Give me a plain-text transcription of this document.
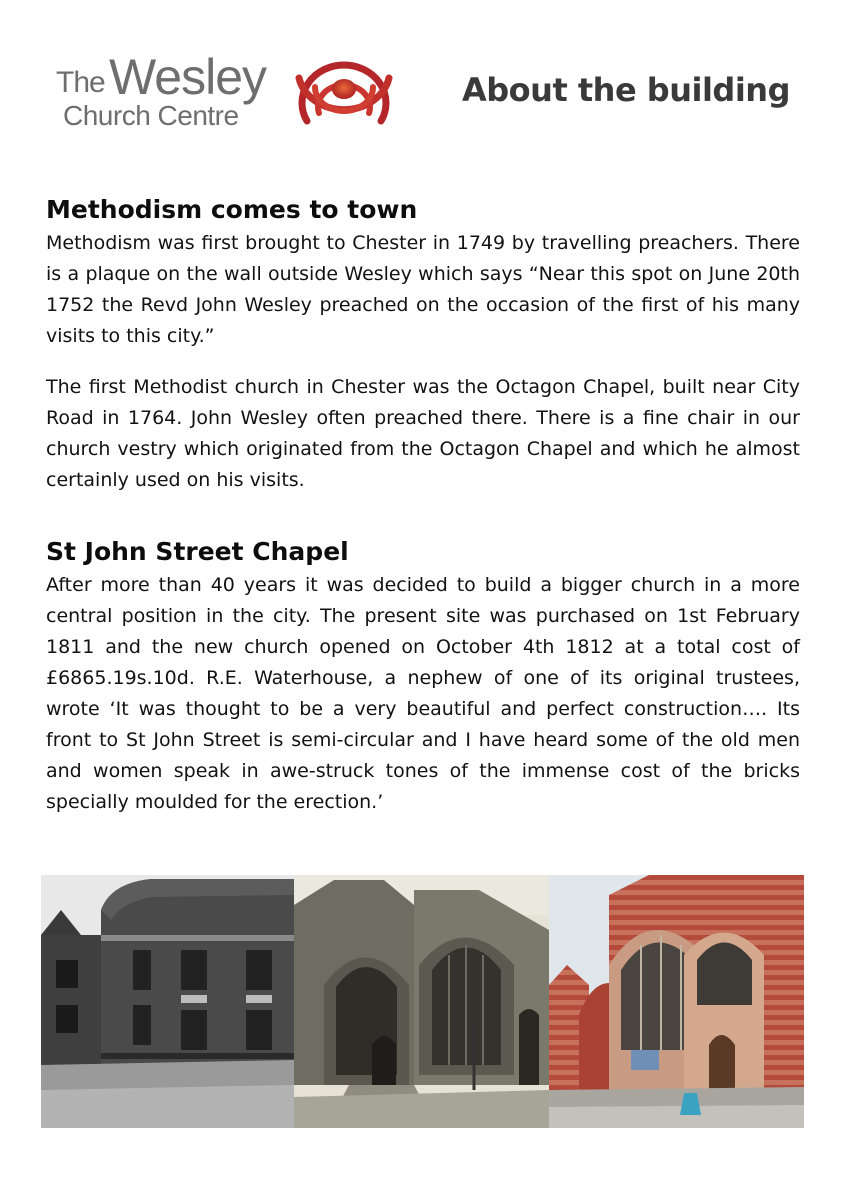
The Wesley
Church Centre
About the building
Methodism comes to town

Methodism was first brought to Chester in 1749 by travelling preachers. There is a plaque on the wall outside Wesley which says “Near this spot on June 20th 1752 the Revd John Wesley preached on the occasion of the first of his many visits to this city.”

The first Methodist church in Chester was the Octagon Chapel, built near City Road in 1764. John Wesley often preached there. There is a fine chair in our church vestry which originated from the Octagon Chapel and which he almost certainly used on his visits.

St John Street Chapel

After more than 40 years it was decided to build a bigger church in a more central position in the city. The present site was purchased on 1st February 1811 and the new church opened on October 4th 1812 at a total cost of £6865.19s.10d. R.E. Waterhouse, a nephew of one of its original trustees, wrote ‘It was thought to be a very beautiful and perfect construction…. Its front to St John Street is semi-circular and I have heard some of the old men and women speak in awe-struck tones of the immense cost of the bricks specially moulded for the erection.’
